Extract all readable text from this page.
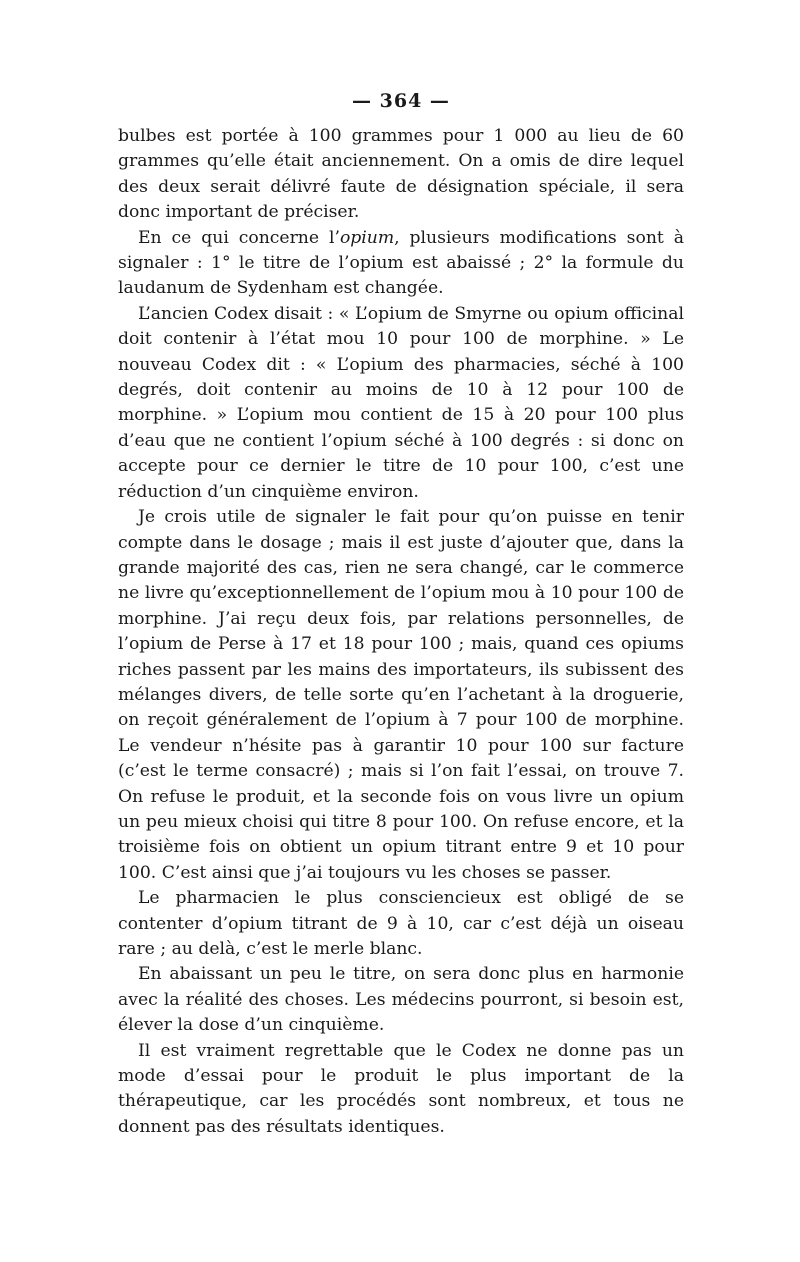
— 364 —

bulbes est portée à 100 grammes pour 1 000 au lieu de 60 grammes qu’elle était anciennement. On a omis de dire lequel des deux serait délivré faute de désignation spéciale, il sera donc important de préciser.

En ce qui concerne l’opium, plusieurs modifications sont à signaler : 1° le titre de l’opium est abaissé ; 2° la formule du laudanum de Sydenham est changée.

L’ancien Codex disait : « L’opium de Smyrne ou opium officinal doit contenir à l’état mou 10 pour 100 de morphine. » Le nouveau Codex dit : « L’opium des pharmacies, séché à 100 degrés, doit contenir au moins de 10 à 12 pour 100 de morphine. » L’opium mou contient de 15 à 20 pour 100 plus d’eau que ne contient l’opium séché à 100 degrés : si donc on accepte pour ce dernier le titre de 10 pour 100, c’est une réduction d’un cinquième environ.

Je crois utile de signaler le fait pour qu’on puisse en tenir compte dans le dosage ; mais il est juste d’ajouter que, dans la grande majorité des cas, rien ne sera changé, car le commerce ne livre qu’exceptionnellement de l’opium mou à 10 pour 100 de morphine. J’ai reçu deux fois, par relations personnelles, de l’opium de Perse à 17 et 18 pour 100 ; mais, quand ces opiums riches passent par les mains des importateurs, ils subissent des mélanges divers, de telle sorte qu’en l’achetant à la droguerie, on reçoit généralement de l’opium à 7 pour 100 de morphine. Le vendeur n’hésite pas à garantir 10 pour 100 sur facture (c’est le terme consacré) ; mais si l’on fait l’essai, on trouve 7. On refuse le produit, et la seconde fois on vous livre un opium un peu mieux choisi qui titre 8 pour 100. On refuse encore, et la troisième fois on obtient un opium titrant entre 9 et 10 pour 100. C’est ainsi que j’ai toujours vu les choses se passer.

Le pharmacien le plus consciencieux est obligé de se contenter d’opium titrant de 9 à 10, car c’est déjà un oiseau rare ; au delà, c’est le merle blanc.

En abaissant un peu le titre, on sera donc plus en harmonie avec la réalité des choses. Les médecins pourront, si besoin est, élever la dose d’un cinquième.

Il est vraiment regrettable que le Codex ne donne pas un mode d’essai pour le produit le plus important de la thérapeutique, car les procédés sont nombreux, et tous ne donnent pas des résultats identiques.
